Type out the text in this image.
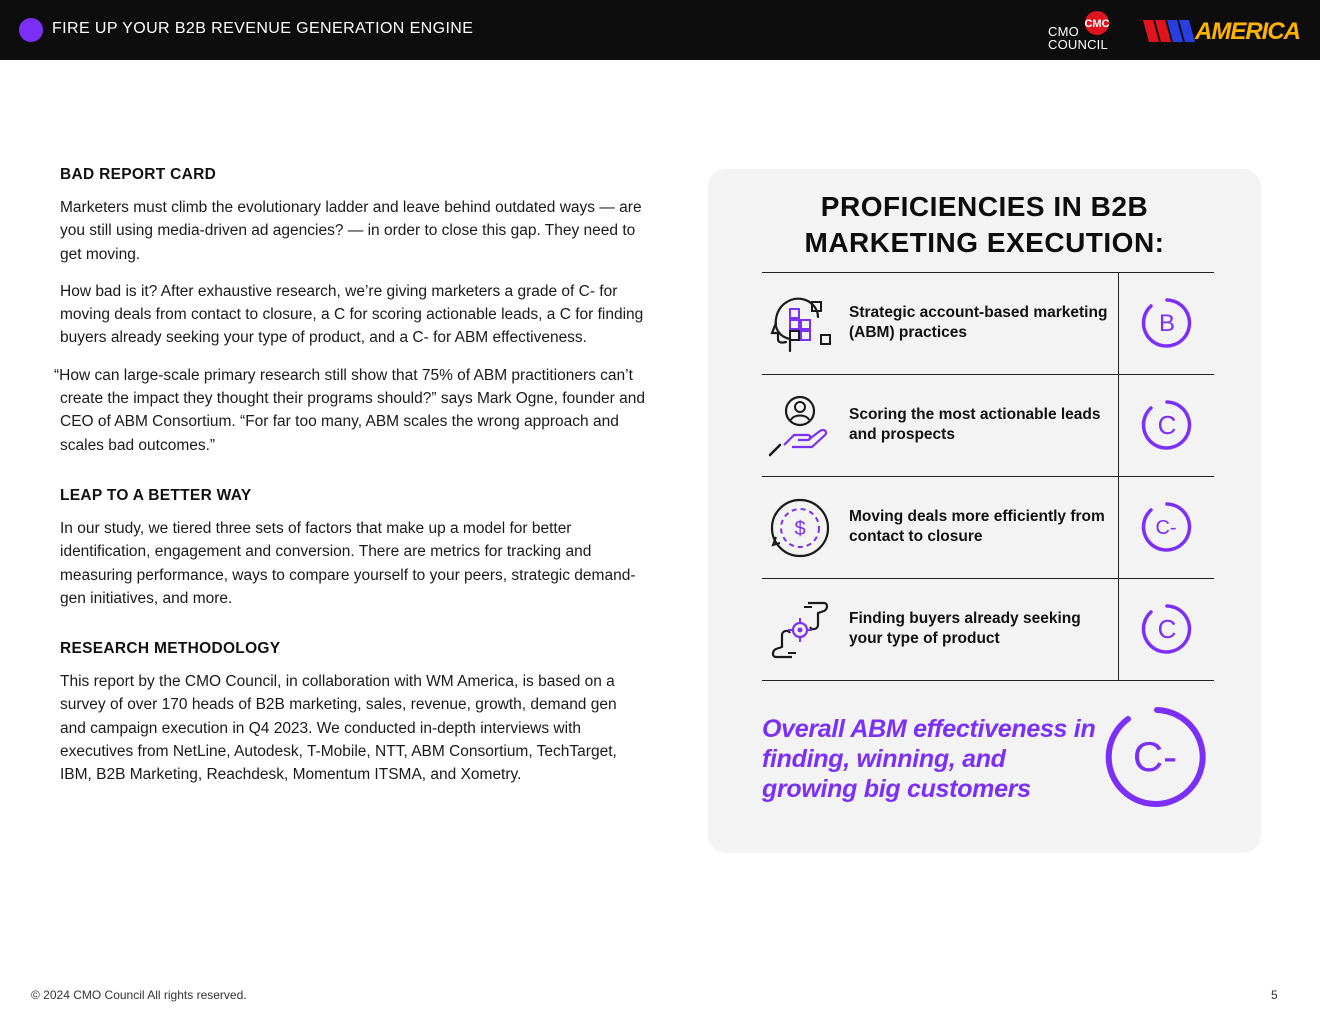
FIRE UP YOUR B2B REVENUE GENERATION ENGINE	CMC
CMO
COUNCIL	AMERICA
BAD REPORT CARD

Marketers must climb the evolutionary ladder and leave behind outdated ways — are you still using media-driven ad agencies? — in order to close this gap. They need to get moving.

How bad is it? After exhaustive research, we’re giving marketers a grade of C- for moving deals from contact to closure, a C for scoring actionable leads, a C for finding buyers already seeking your type of product, and a C- for ABM effectiveness.

“How can large-scale primary research still show that 75% of ABM practitioners can’t create the impact they thought their programs should?” says Mark Ogne, founder and CEO of ABM Consortium. “For far too many, ABM scales the wrong approach and scales bad outcomes.”

LEAP TO A BETTER WAY

In our study, we tiered three sets of factors that make up a model for better identification, engagement and conversion. There are metrics for tracking and measuring performance, ways to compare yourself to your peers, strategic demand-gen initiatives, and more.

RESEARCH METHODOLOGY

This report by the CMO Council, in collaboration with WM America, is based on a survey of over 170 heads of B2B marketing, sales, revenue, growth, demand gen and campaign execution in Q4 2023. We conducted in-depth interviews with executives from NetLine, Autodesk, T-Mobile, NTT, ABM Consortium, TechTarget, IBM, B2B Marketing, Reachdesk, Momentum ITSMA, and Xometry.

PROFICIENCIES IN B2B
MARKETING EXECUTION:
Strategic account-based marketing (ABM) practices	B
Scoring the most actionable leads and prospects	C
$
Moving deals more efficiently from contact to closure	C-
Finding buyers already seeking your type of product	C
Overall ABM effectiveness in finding, winning, and growing big customers
C-
© 2024 CMO Council All rights reserved.	5
